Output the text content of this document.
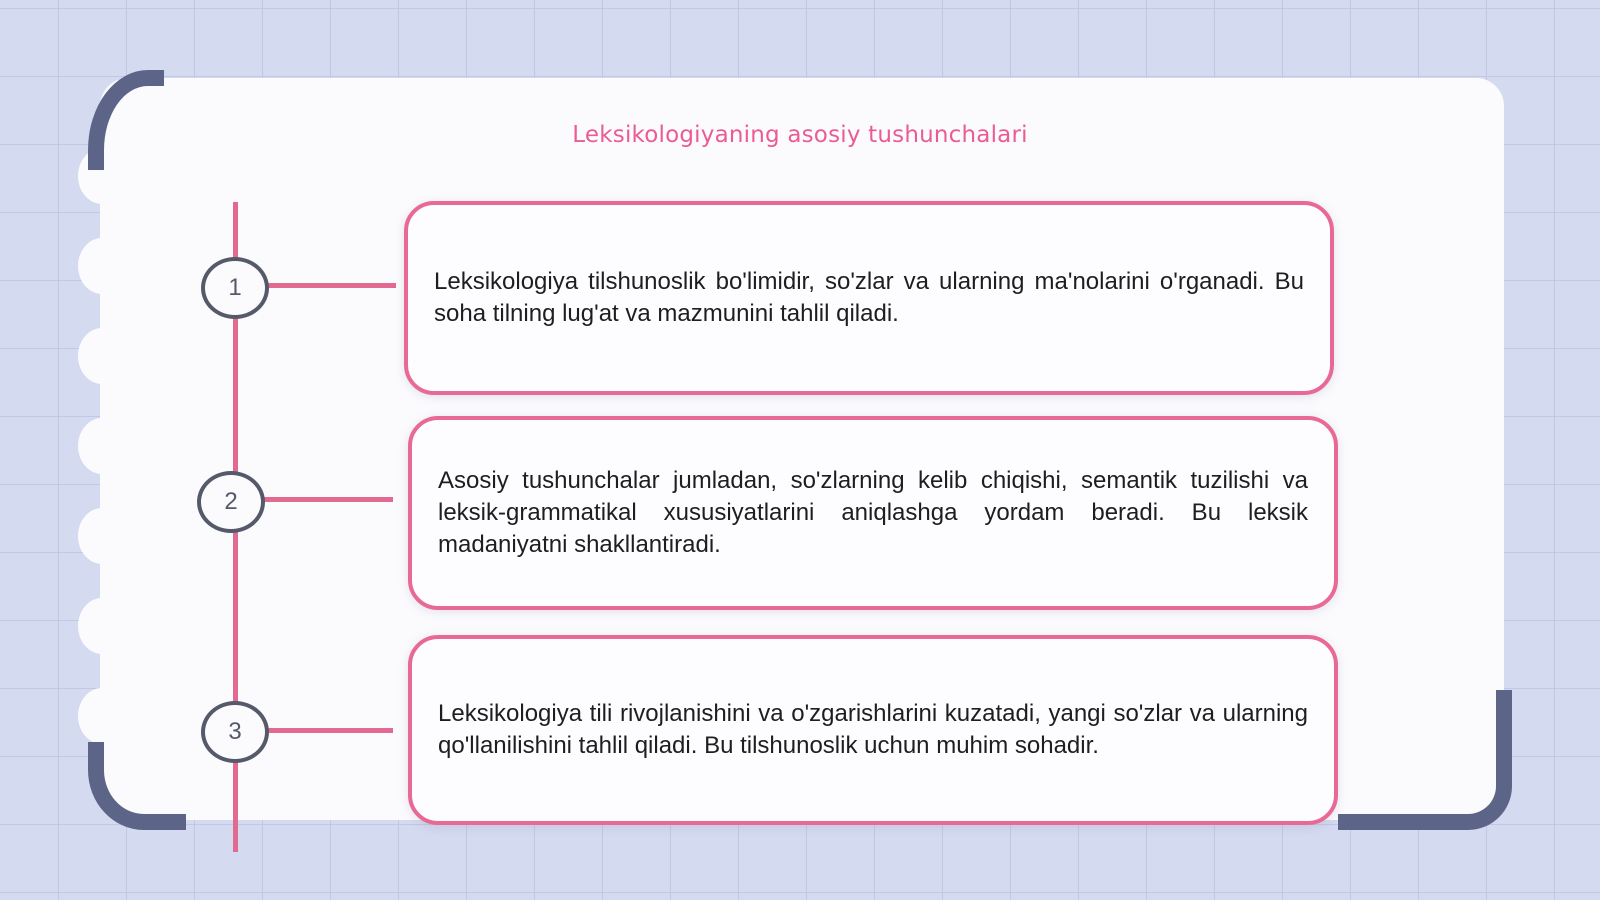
Leksikologiyaning asosiy tushunchalari
1	Leksikologiya tilshunoslik bo'limidir, so'zlar va ularning ma'nolarini o'rganadi. Bu soha tilning lug'at va mazmunini tahlil qiladi.

2

Asosiy tushunchalar jumladan, so'zlarning kelib chiqishi, semantik tuzilishi va leksik-grammatikal xususiyatlarini aniqlashga yordam beradi. Bu leksik madaniyatni shakllantiradi.

3

Leksikologiya tili rivojlanishini va o'zgarishlarini kuzatadi, yangi so'zlar va ularning qo'llanilishini tahlil qiladi. Bu tilshunoslik uchun muhim sohadir.
